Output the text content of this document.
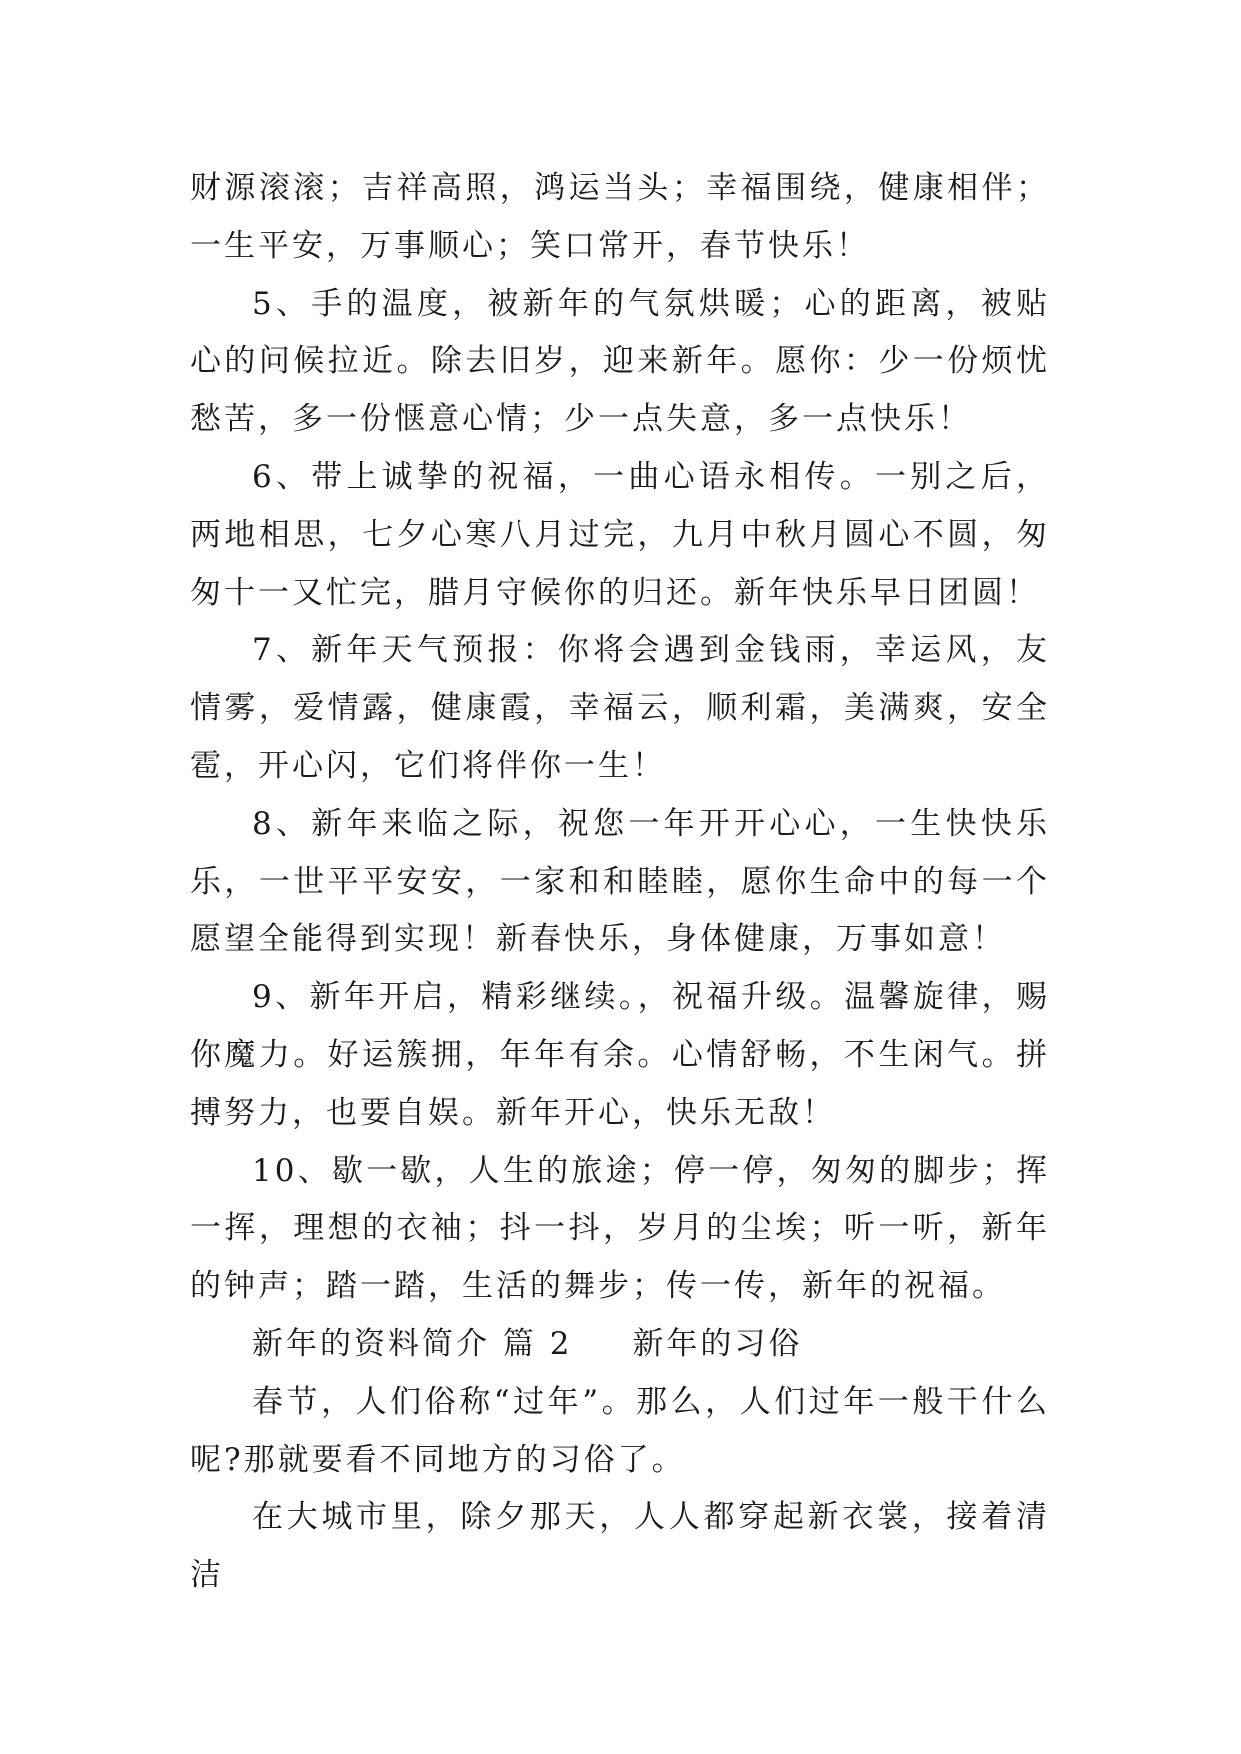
财源滚滚；吉祥高照，鸿运当头；幸福围绕，健康相伴；一生平安，万事顺心；笑口常开，春节快乐！

5、手的温度，被新年的气氛烘暖；心的距离，被贴心的问候拉近。除去旧岁，迎来新年。愿你：少一份烦忧愁苦，多一份惬意心情；少一点失意，多一点快乐！

6、带上诚挚的祝福，一曲心语永相传。一别之后，两地相思，七夕心寒八月过完，九月中秋月圆心不圆，匆匆十一又忙完，腊月守候你的归还。新年快乐早日团圆！

7、新年天气预报：你将会遇到金钱雨，幸运风，友情雾，爱情露，健康霞，幸福云，顺利霜，美满爽，安全雹，开心闪，它们将伴你一生！

8、新年来临之际，祝您一年开开心心，一生快快乐乐，一世平平安安，一家和和睦睦，愿你生命中的每一个愿望全能得到实现！新春快乐，身体健康，万事如意！

9、新年开启，精彩继续。，祝福升级。温馨旋律，赐你魔力。好运簇拥，年年有余。心情舒畅，不生闲气。拼搏努力，也要自娱。新年开心，快乐无敌！

10、歇一歇，人生的旅途；停一停，匆匆的脚步；挥一挥，理想的衣袖；抖一抖，岁月的尘埃；听一听，新年的钟声；踏一踏，生活的舞步；传一传，新年的祝福。

新年的资料简介 篇 2 新年的习俗

春节，人们俗称“过年”。那么，人们过年一般干什么呢?那就要看不同地方的习俗了。

在大城市里，除夕那天，人人都穿起新衣裳，接着清洁
